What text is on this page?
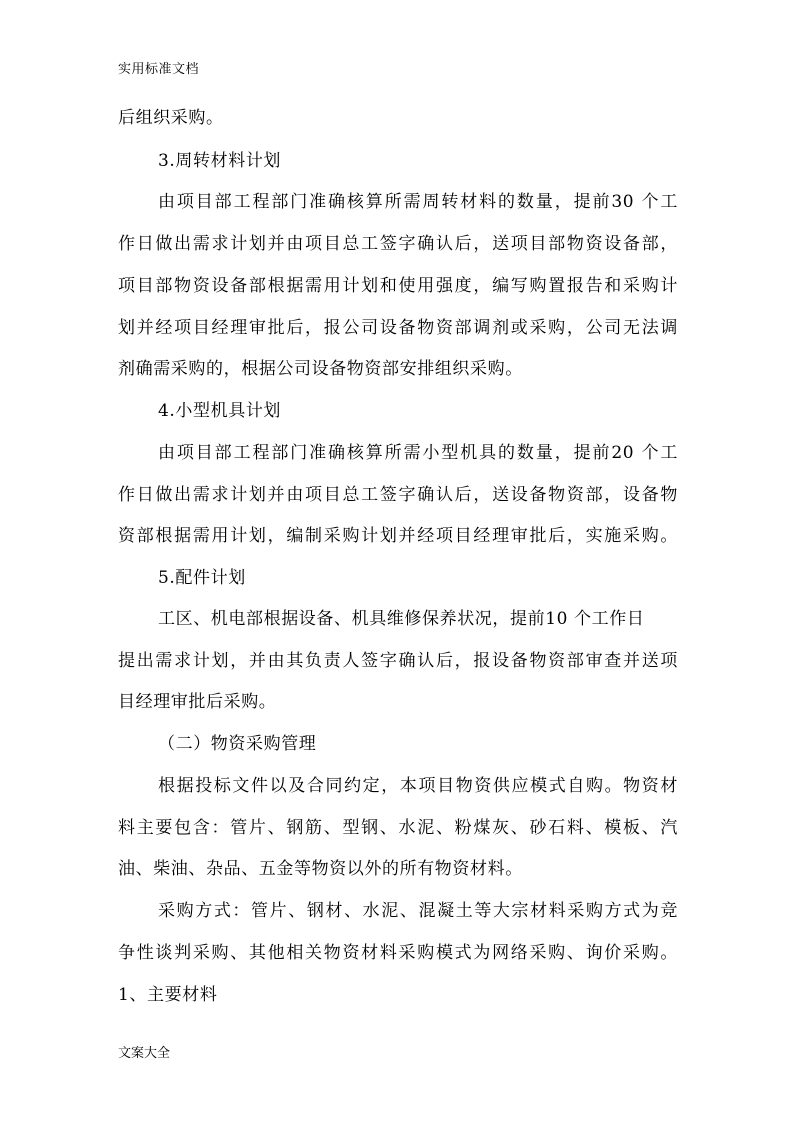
实用标准文档
后组织采购。
3.周转材料计划
由项目部工程部门准确核算所需周转材料的数量，提前30 个工
作日做出需求计划并由项目总工签字确认后，送项目部物资设备部，
项目部物资设备部根据需用计划和使用强度，编写购置报告和采购计
划并经项目经理审批后，报公司设备物资部调剂或采购，公司无法调
剂确需采购的，根据公司设备物资部安排组织采购。
4.小型机具计划
由项目部工程部门准确核算所需小型机具的数量，提前20 个工
作日做出需求计划并由项目总工签字确认后，送设备物资部，设备物
资部根据需用计划，编制采购计划并经项目经理审批后，实施采购。
5.配件计划
工区、机电部根据设备、机具维修保养状况，提前10 个工作日
提出需求计划，并由其负责人签字确认后，报设备物资部审查并送项
目经理审批后采购。
（二）物资采购管理
根据投标文件以及合同约定，本项目物资供应模式自购。物资材
料主要包含：管片、钢筋、型钢、水泥、粉煤灰、砂石料、模板、汽
油、柴油、杂品、五金等物资以外的所有物资材料。
采购方式：管片、钢材、水泥、混凝土等大宗材料采购方式为竞
争性谈判采购、其他相关物资材料采购模式为网络采购、询价采购。
1、主要材料
文案大全
